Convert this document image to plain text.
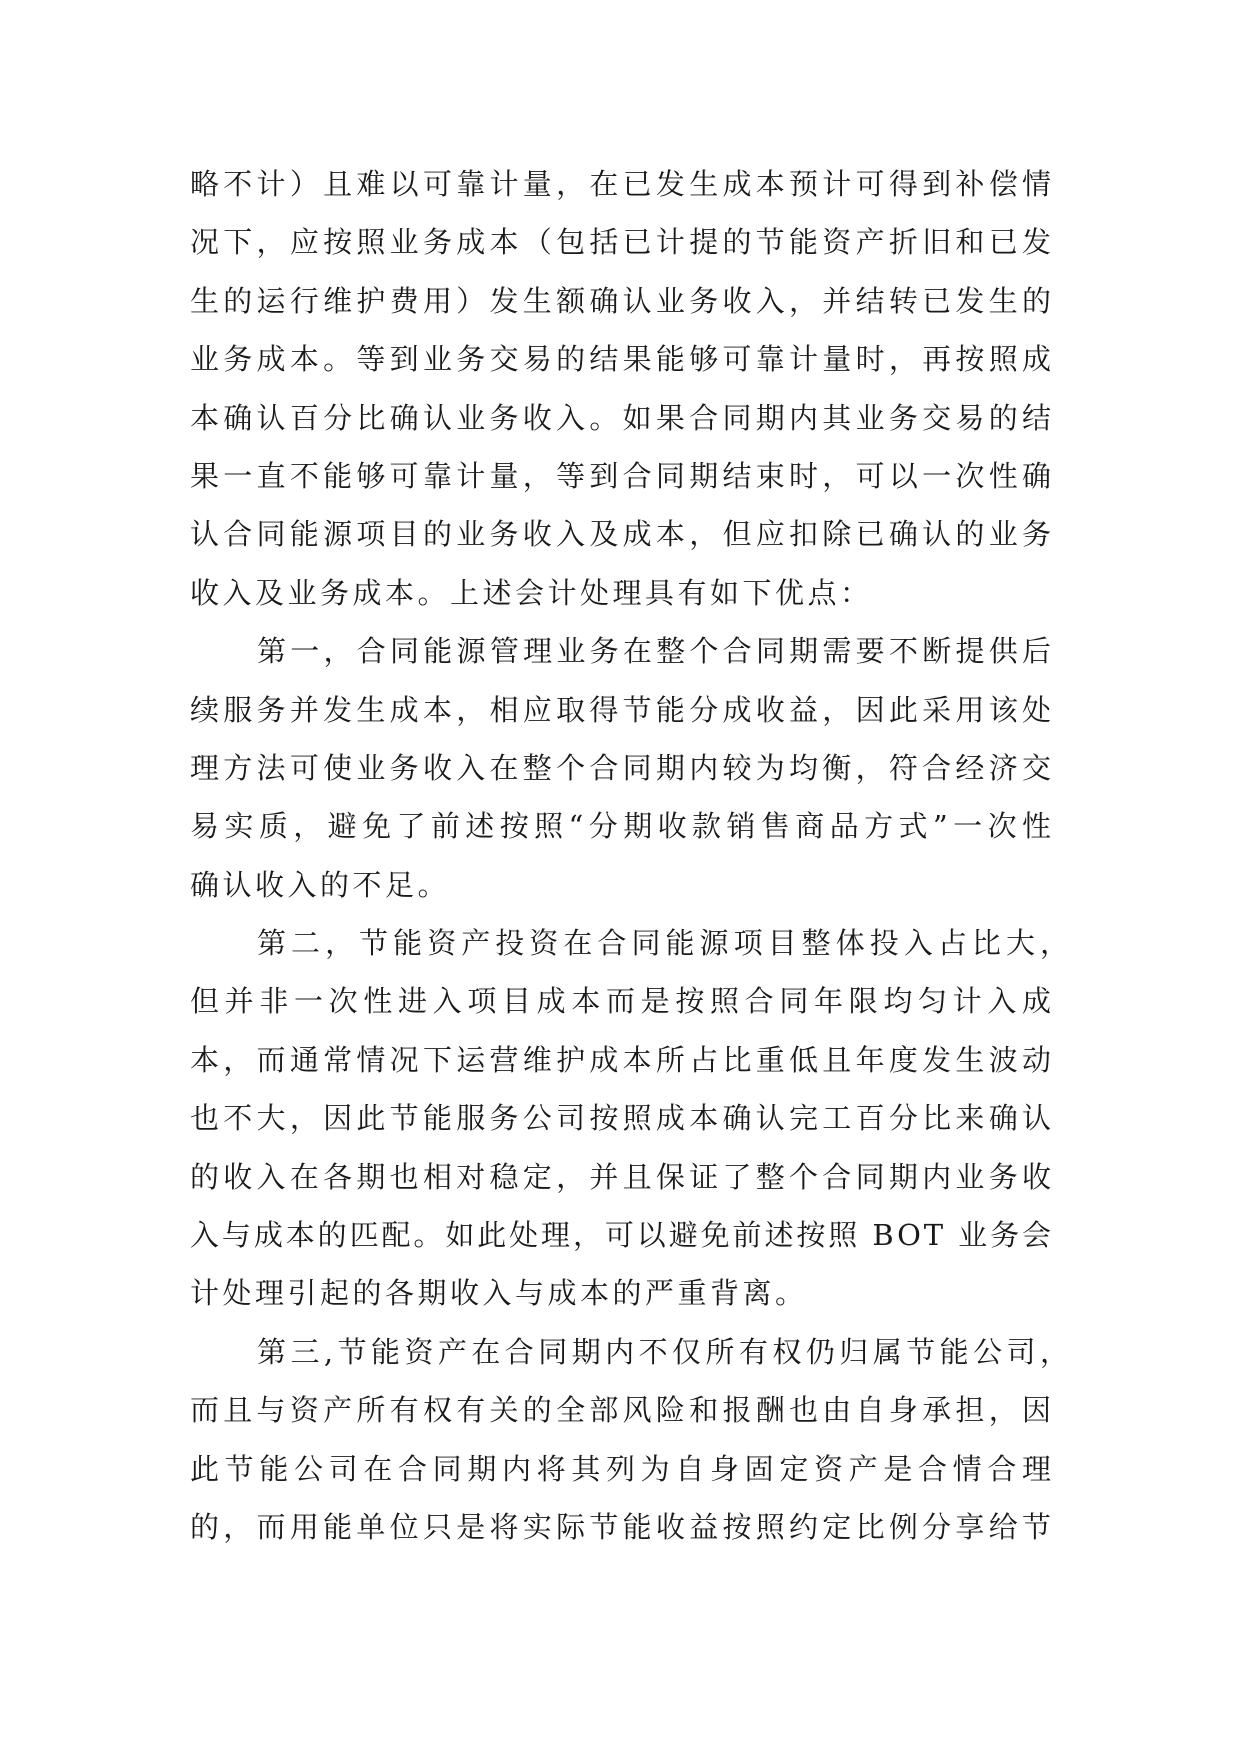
略不计）且难以可靠计量，在已发生成本预计可得到补偿情
况下，应按照业务成本（包括已计提的节能资产折旧和已发
生的运行维护费用）发生额确认业务收入，并结转已发生的
业务成本。等到业务交易的结果能够可靠计量时，再按照成
本确认百分比确认业务收入。如果合同期内其业务交易的结
果一直不能够可靠计量，等到合同期结束时，可以一次性确
认合同能源项目的业务收入及成本，但应扣除已确认的业务
收入及业务成本。上述会计处理具有如下优点：
第一，合同能源管理业务在整个合同期需要不断提供后
续服务并发生成本，相应取得节能分成收益，因此采用该处
理方法可使业务收入在整个合同期内较为均衡，符合经济交
易实质，避免了前述按照“分期收款销售商品方式”一次性
确认收入的不足。
第二，节能资产投资在合同能源项目整体投入占比大，
但并非一次性进入项目成本而是按照合同年限均匀计入成
本，而通常情况下运营维护成本所占比重低且年度发生波动
也不大，因此节能服务公司按照成本确认完工百分比来确认
的收入在各期也相对稳定，并且保证了整个合同期内业务收
入与成本的匹配。如此处理，可以避免前述按照 BOT 业务会
计处理引起的各期收入与成本的严重背离。
第三,节能资产在合同期内不仅所有权仍归属节能公司，
而且与资产所有权有关的全部风险和报酬也由自身承担，因
此节能公司在合同期内将其列为自身固定资产是合情合理
的，而用能单位只是将实际节能收益按照约定比例分享给节
